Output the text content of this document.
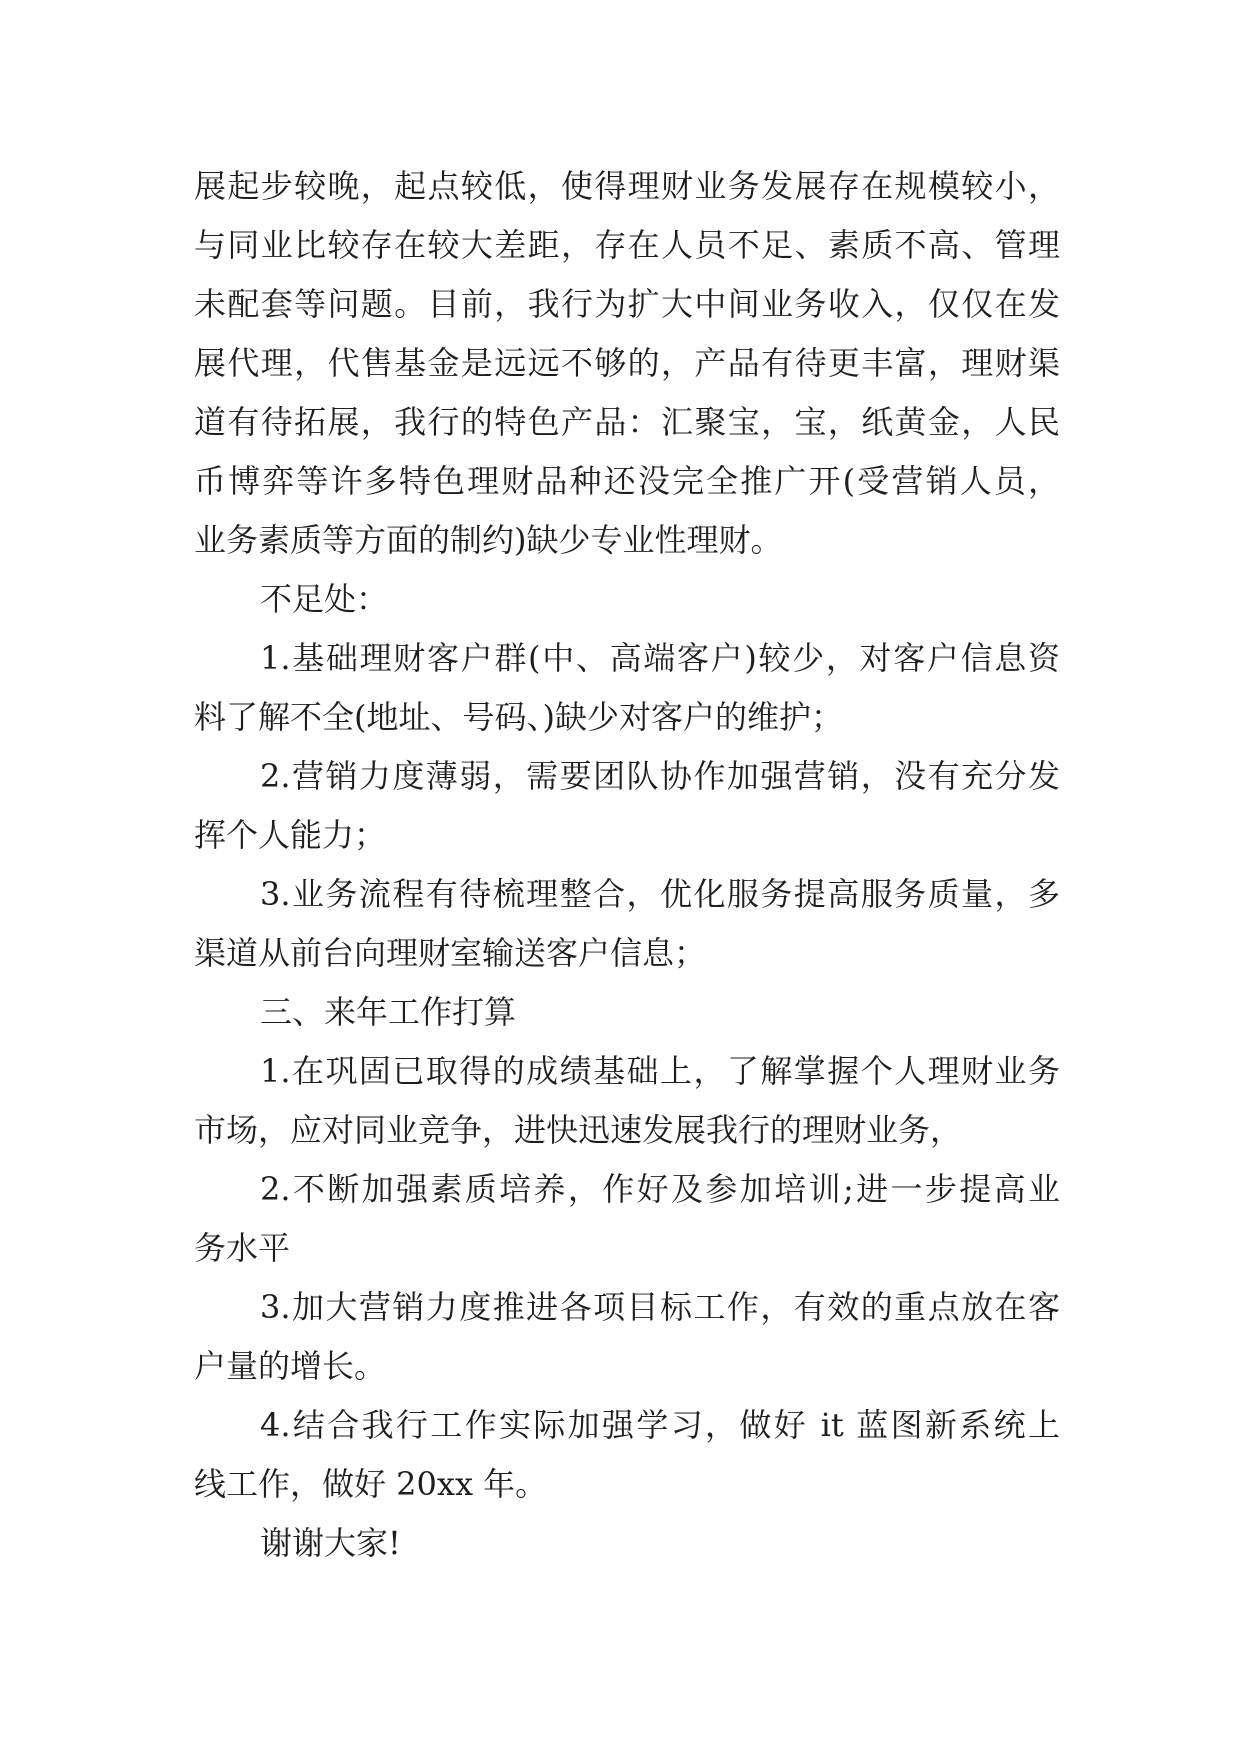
展起步较晚，起点较低，使得理财业务发展存在规模较小，
与同业比较存在较大差距，存在人员不足、素质不高、管理
未配套等问题。目前，我行为扩大中间业务收入，仅仅在发
展代理，代售基金是远远不够的，产品有待更丰富，理财渠
道有待拓展，我行的特色产品：汇聚宝，宝，纸黄金，人民
币博弈等许多特色理财品种还没完全推广开(受营销人员，
业务素质等方面的制约)缺少专业性理财。
不足处：
1.基础理财客户群(中、高端客户)较少，对客户信息资
料了解不全(地址、号码、)缺少对客户的维护；
2.营销力度薄弱，需要团队协作加强营销，没有充分发
挥个人能力；
3.业务流程有待梳理整合，优化服务提高服务质量，多
渠道从前台向理财室输送客户信息；
三、来年工作打算
1.在巩固已取得的成绩基础上，了解掌握个人理财业务
市场，应对同业竞争，进快迅速发展我行的理财业务，
2.不断加强素质培养，作好及参加培训;进一步提高业
务水平
3.加大营销力度推进各项目标工作，有效的重点放在客
户量的增长。
4.结合我行工作实际加强学习，做好 it 蓝图新系统上
线工作，做好 20xx 年。
谢谢大家!
